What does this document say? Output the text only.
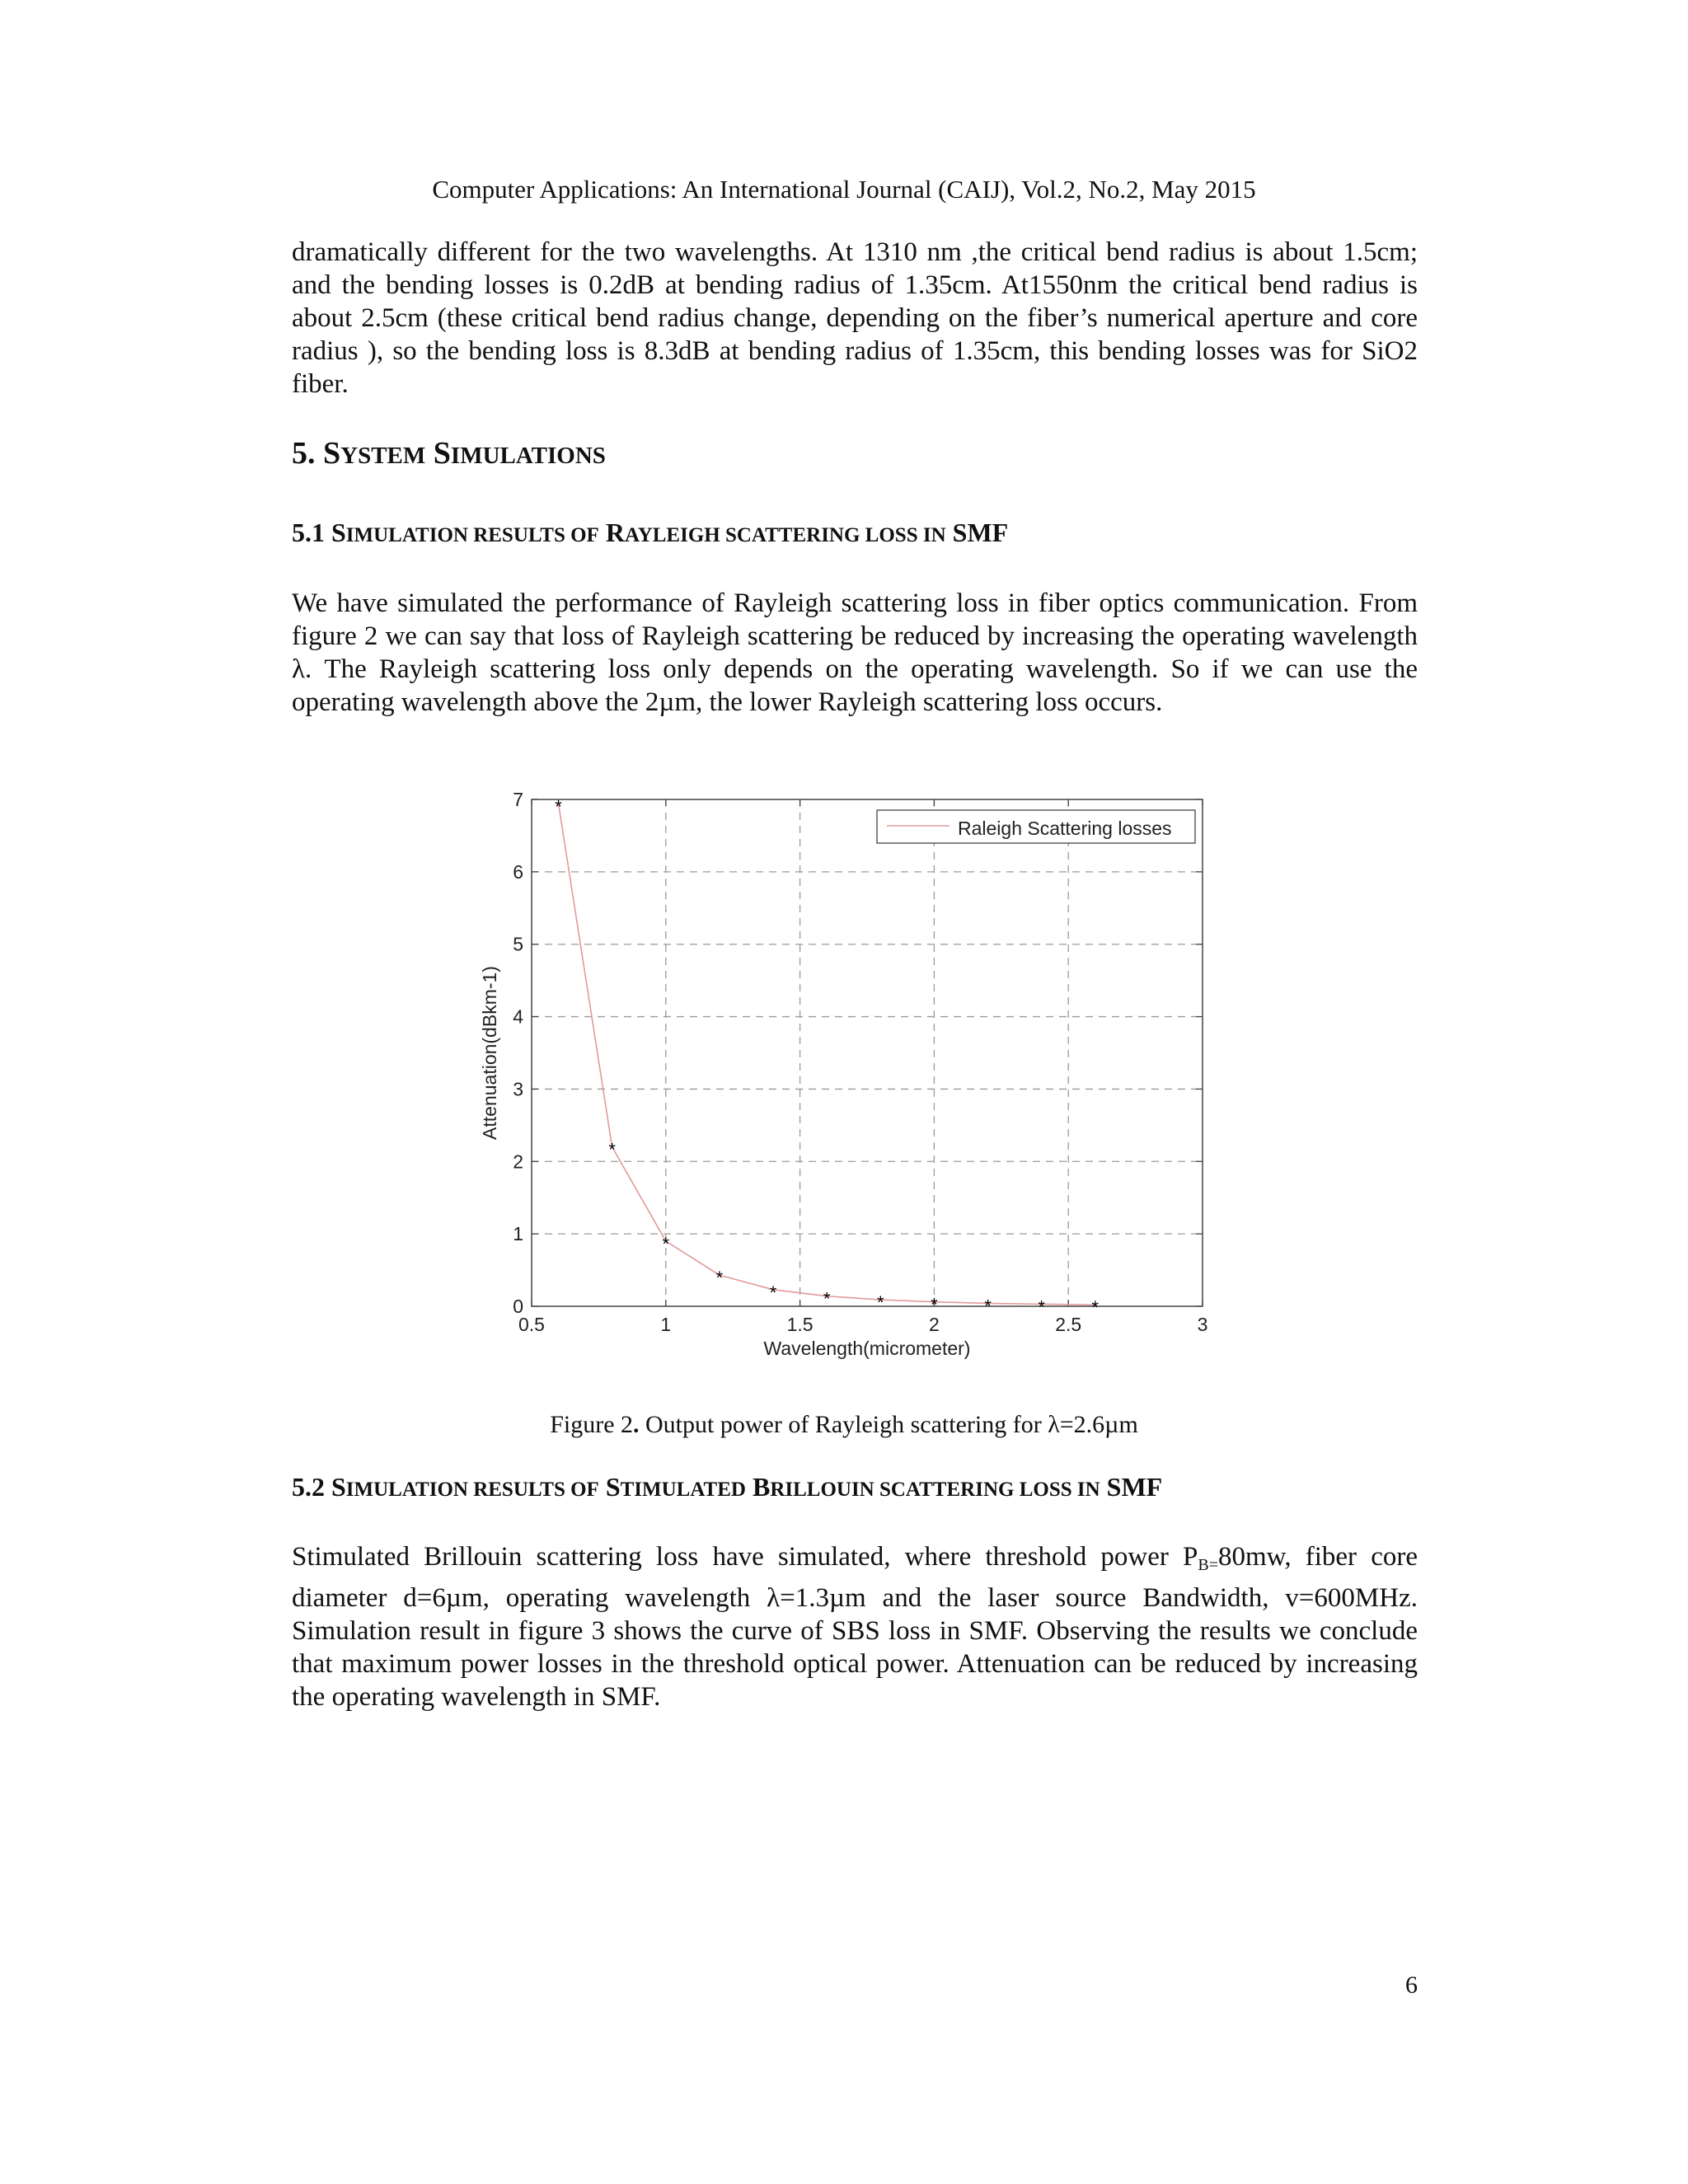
Computer Applications: An International Journal (CAIJ), Vol.2, No.2, May 2015

dramatically different for the two wavelengths. At 1310 nm ,the critical bend radius is about 1.5cm; and the bending losses is 0.2dB at bending radius of 1.35cm. At1550nm the critical bend radius is about 2.5cm (these critical bend radius change, depending on the fiber’s numerical aperture and core radius ), so the bending loss is 8.3dB at bending radius of 1.35cm, this bending losses was for SiO2 fiber.

5. SYSTEM SIMULATIONS

5.1 SIMULATION RESULTS OF RAYLEIGH SCATTERING LOSS IN SMF

We have simulated the performance of Rayleigh scattering loss in fiber optics communication. From figure 2 we can say that loss of Rayleigh scattering be reduced by increasing the operating wavelength λ. The Rayleigh scattering loss only depends on the operating wavelength. So if we can use the operating wavelength above the 2µm, the lower Rayleigh scattering loss occurs.

0.5	1	1.5	2	2.5	3
0
1
2
3
4
5
6
7 *
*
*
*
*	*	*	*	*	*	*
Raleigh Scattering losses
Wavelength(micrometer)
Attenuation(dBkm-1)
Figure 2. Output power of Rayleigh scattering for λ=2.6µm

5.2 SIMULATION RESULTS OF STIMULATED BRILLOUIN SCATTERING LOSS IN SMF

Stimulated Brillouin scattering loss have simulated, where threshold power $P_{B=}80mw$, fiber core diameter d=6µm, operating wavelength λ=1.3µm and the laser source Bandwidth, v=600MHz. Simulation result in figure 3 shows the curve of SBS loss in SMF. Observing the results we conclude that maximum power losses in the threshold optical power. Attenuation can be reduced by increasing the operating wavelength in SMF.

6
